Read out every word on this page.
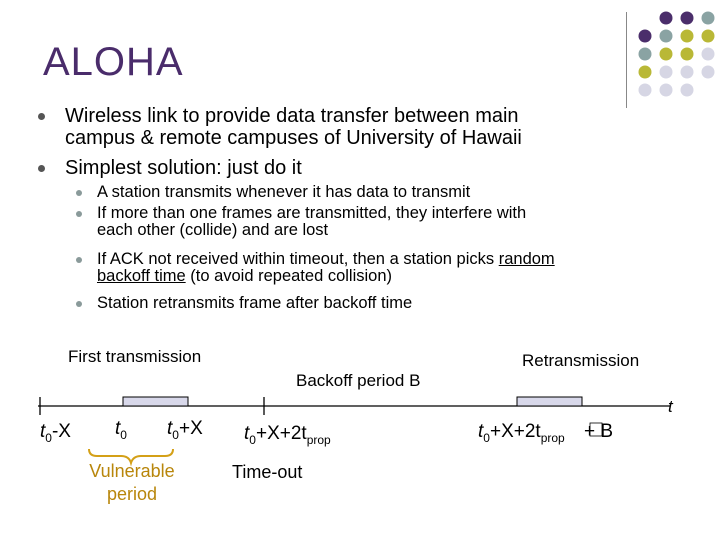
ALOHA
Wireless link to provide data transfer between main
campus & remote campuses of University of Hawaii
Simplest solution: just do it
A station transmits whenever it has data to transmit
If more than one frames are transmitted, they interfere with
each other (collide) and are lost
If ACK not received within timeout, then a station picks random
backoff time (to avoid repeated collision)
Station retransmits frame after backoff time
First transmission	Retransmission
Backoff period B
t
$t_0-X$ $t_0$ $t_0+X$ $t_0+X+2t_{prop}$	$t_0+X+2t_{prop} + B$
Vulnerable
period
Time-out
